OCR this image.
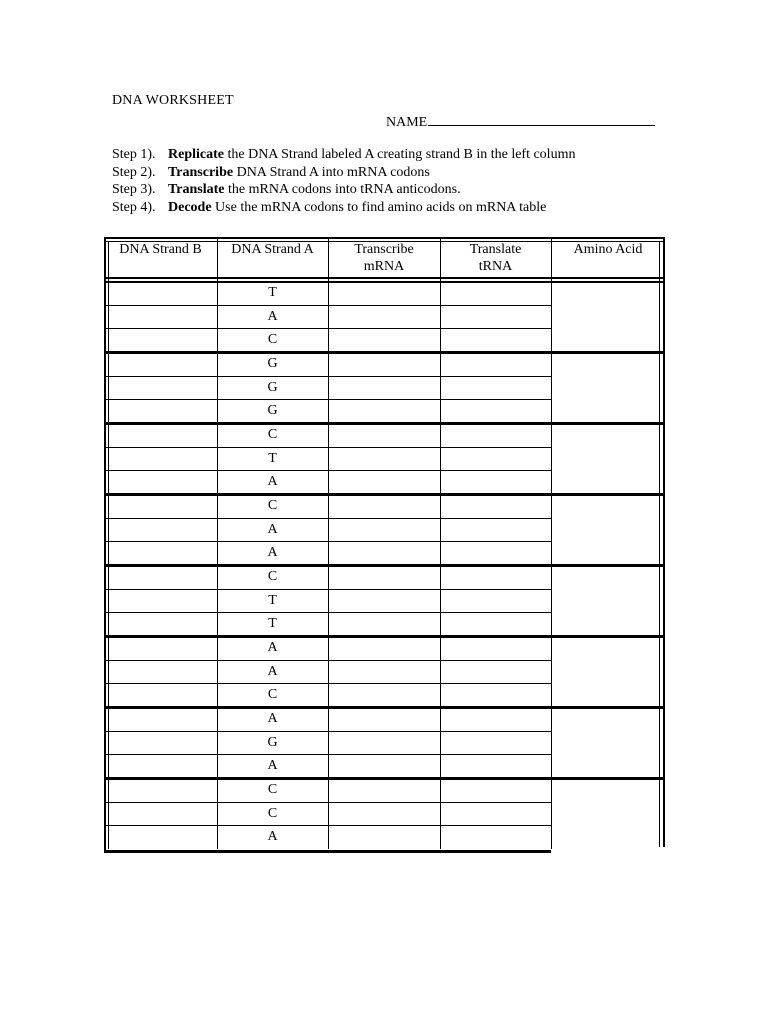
DNA WORKSHEET
NAME
Step 1). Replicate the DNA Strand labeled A creating strand B in the left column
Step 2). Transcribe DNA Strand A into mRNA codons
Step 3). Translate the mRNA codons into tRNA anticodons.
Step 4). Decode Use the mRNA codons to find amino acids on mRNA table
DNA Strand B	DNA Strand A	Transcribe
mRNA
Translate
tRNA
Amino Acid
T
A
C
G
G
G
C
T
A
C
A
A
C
T
T
A
A
C
A
G
A
C
C
A
